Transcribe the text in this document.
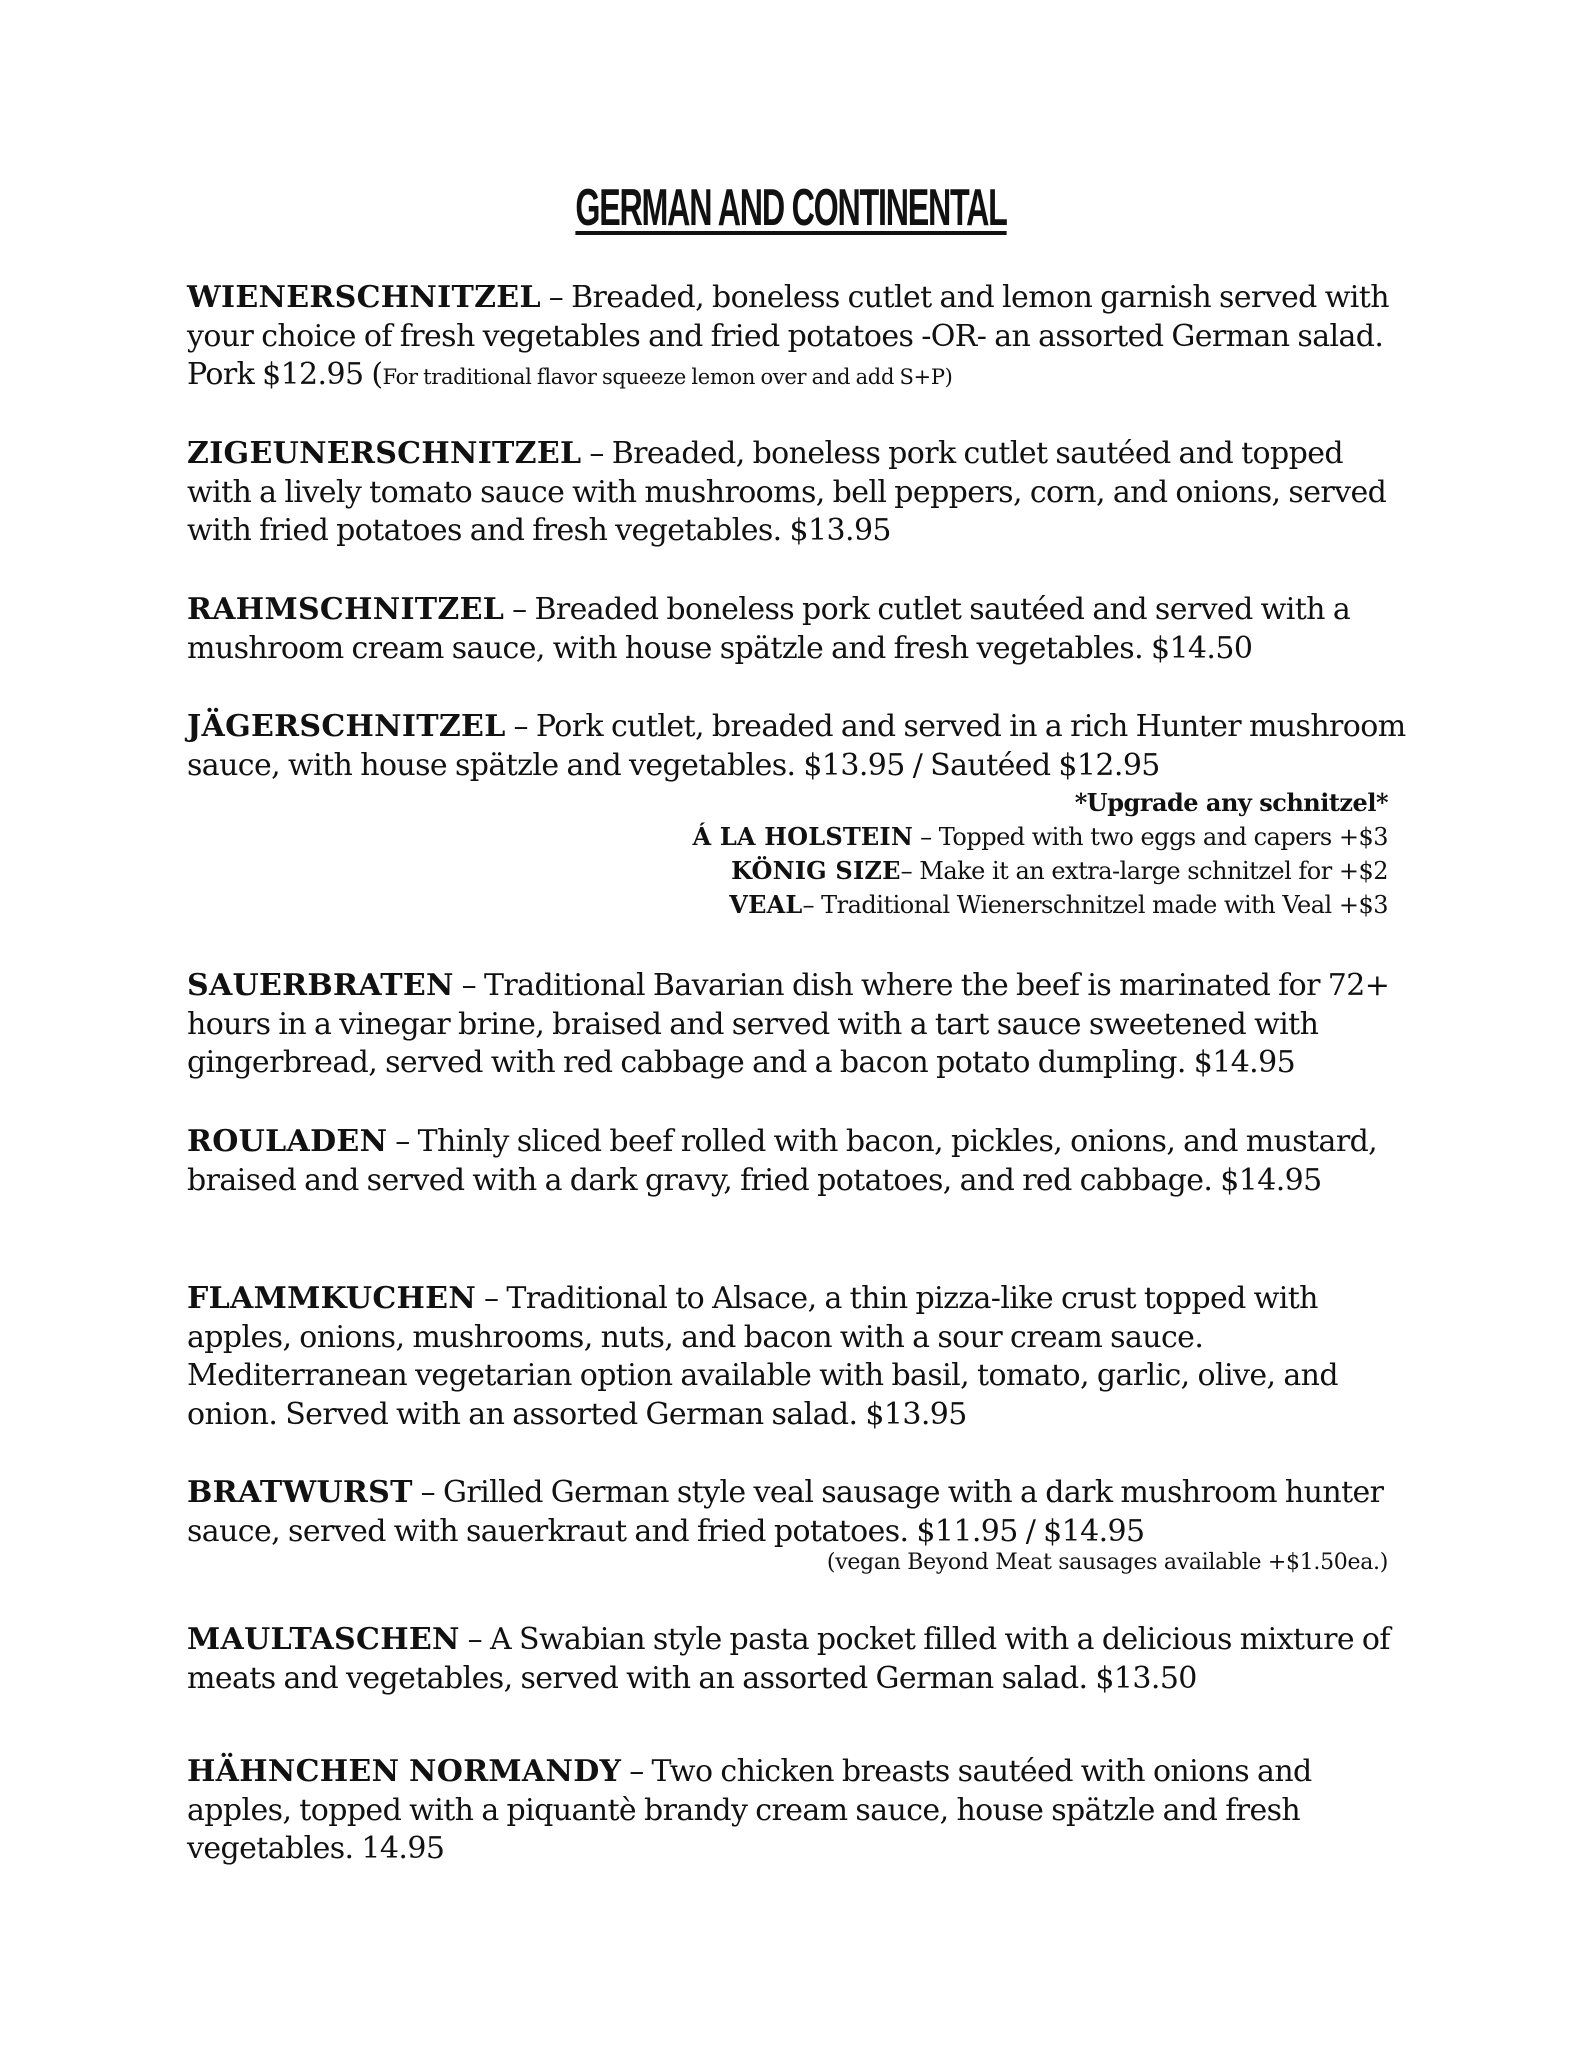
GERMAN AND CONTINENTAL

WIENERSCHNITZEL – Breaded, boneless cutlet and lemon garnish served with your choice of fresh vegetables and fried potatoes -OR- an assorted German salad. Pork $12.95 (For traditional flavor squeeze lemon over and add S+P)

ZIGEUNERSCHNITZEL – Breaded, boneless pork cutlet sautéed and topped with a lively tomato sauce with mushrooms, bell peppers, corn, and onions, served with fried potatoes and fresh vegetables. $13.95

RAHMSCHNITZEL – Breaded boneless pork cutlet sautéed and served with a mushroom cream sauce, with house spätzle and fresh vegetables. $14.50

JÄGERSCHNITZEL – Pork cutlet, breaded and served in a rich Hunter mushroom sauce, with house spätzle and vegetables. $13.95 / Sautéed $12.95

*Upgrade any schnitzel*
Á LA HOLSTEIN – Topped with two eggs and capers +$3
KÖNIG SIZE– Make it an extra-large schnitzel for +$2
VEAL– Traditional Wienerschnitzel made with Veal +$3

SAUERBRATEN – Traditional Bavarian dish where the beef is marinated for 72+ hours in a vinegar brine, braised and served with a tart sauce sweetened with gingerbread, served with red cabbage and a bacon potato dumpling. $14.95

ROULADEN – Thinly sliced beef rolled with bacon, pickles, onions, and mustard, braised and served with a dark gravy, fried potatoes, and red cabbage. $14.95

FLAMMKUCHEN – Traditional to Alsace, a thin pizza-like crust topped with apples, onions, mushrooms, nuts, and bacon with a sour cream sauce. Mediterranean vegetarian option available with basil, tomato, garlic, olive, and onion. Served with an assorted German salad. $13.95

BRATWURST – Grilled German style veal sausage with a dark mushroom hunter sauce, served with sauerkraut and fried potatoes. $11.95 / $14.95

(vegan Beyond Meat sausages available +$1.50ea.)

MAULTASCHEN – A Swabian style pasta pocket filled with a delicious mixture of meats and vegetables, served with an assorted German salad. $13.50

HÄHNCHEN NORMANDY – Two chicken breasts sautéed with onions and apples, topped with a piquantè brandy cream sauce, house spätzle and fresh vegetables. 14.95
